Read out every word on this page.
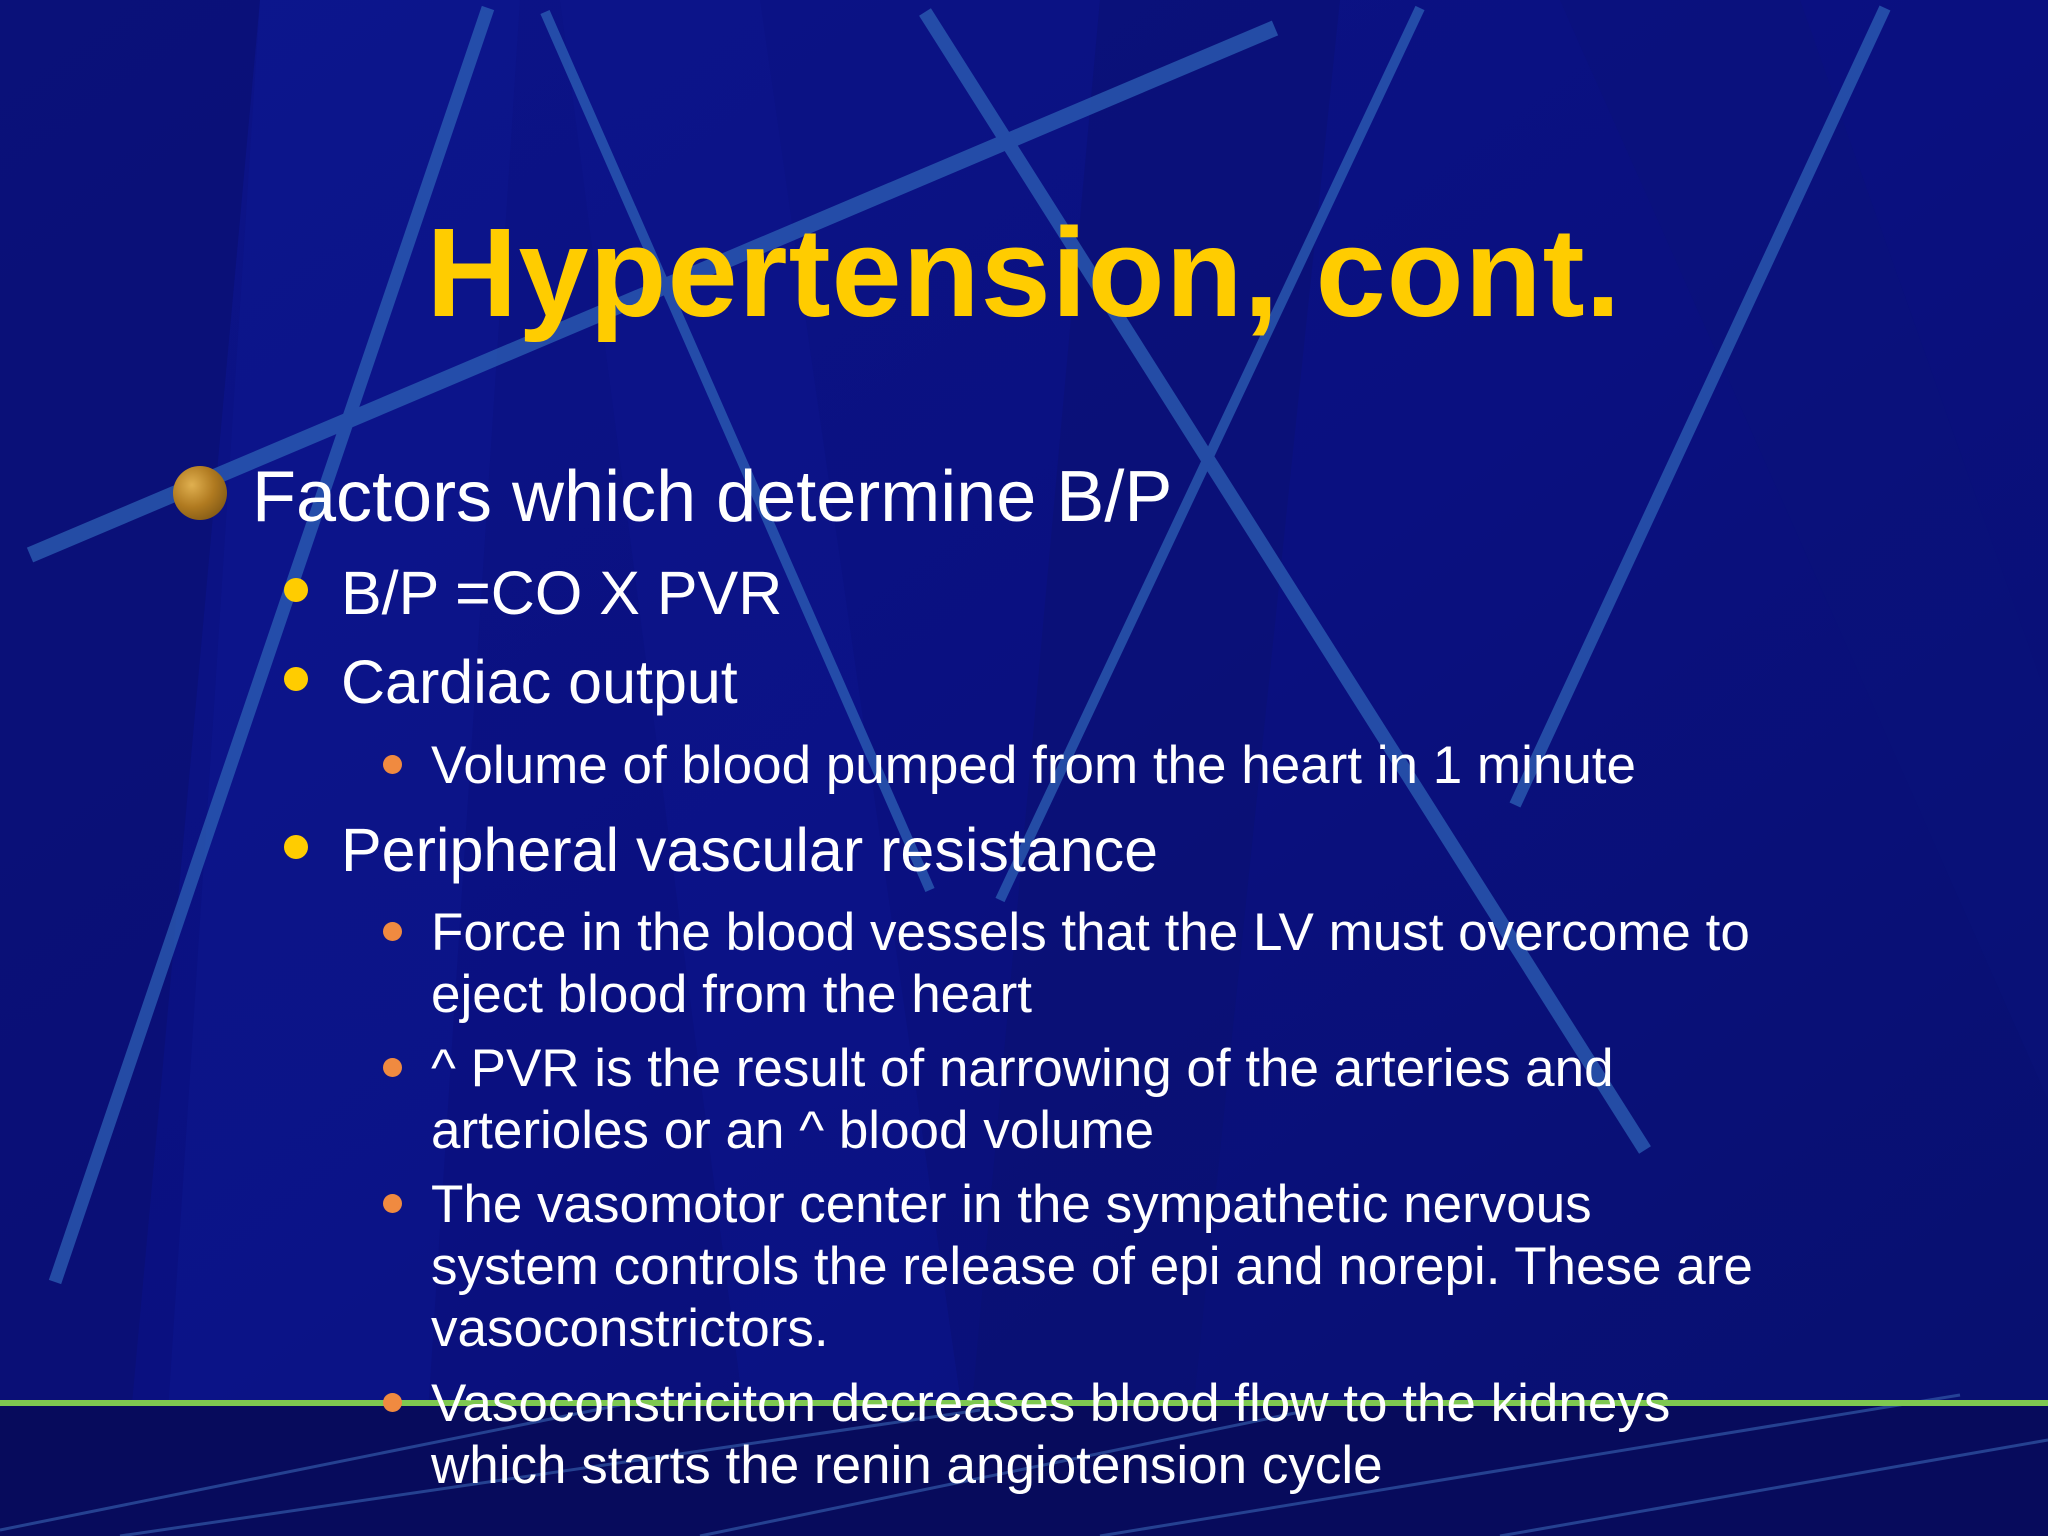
Hypertension, cont.
Factors which determine B/P
B/P =CO X PVR
Cardiac output
Volume of blood pumped from the heart in 1 minute
Peripheral vascular resistance
Force in the blood vessels that the LV must overcome to
eject blood from the heart
^ PVR is the result of narrowing of the arteries and
arterioles or an ^ blood volume
The vasomotor center in the sympathetic nervous
system controls the release of epi and norepi. These are
vasoconstrictors.
Vasoconstriciton decreases blood flow to the kidneys
which starts the renin angiotension cycle
